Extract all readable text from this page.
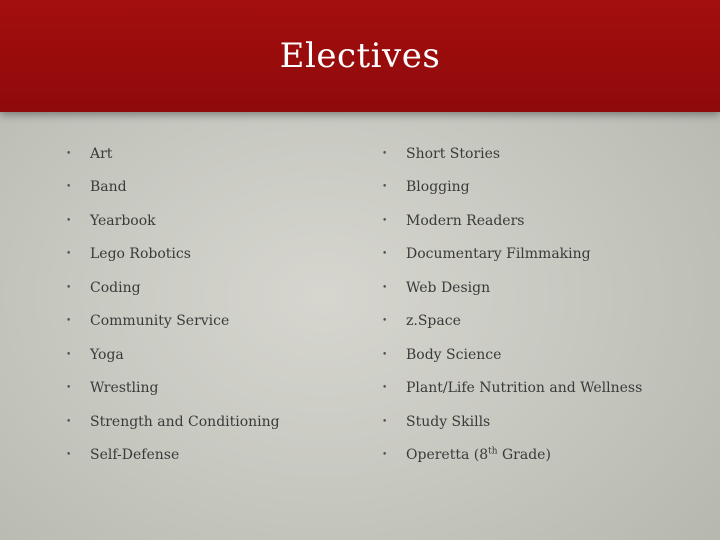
Electives
•	Art
•	Band
•	Yearbook
•	Lego Robotics
•	Coding
•	Community Service
•	Yoga
•	Wrestling
•	Strength and Conditioning
•	Self-Defense
•	Short Stories
•	Blogging
•	Modern Readers
•	Documentary Filmmaking
•	Web Design
•	z.Space
•	Body Science
•	Plant/Life Nutrition and Wellness
•	Study Skills
•	Operetta (8th Grade)
